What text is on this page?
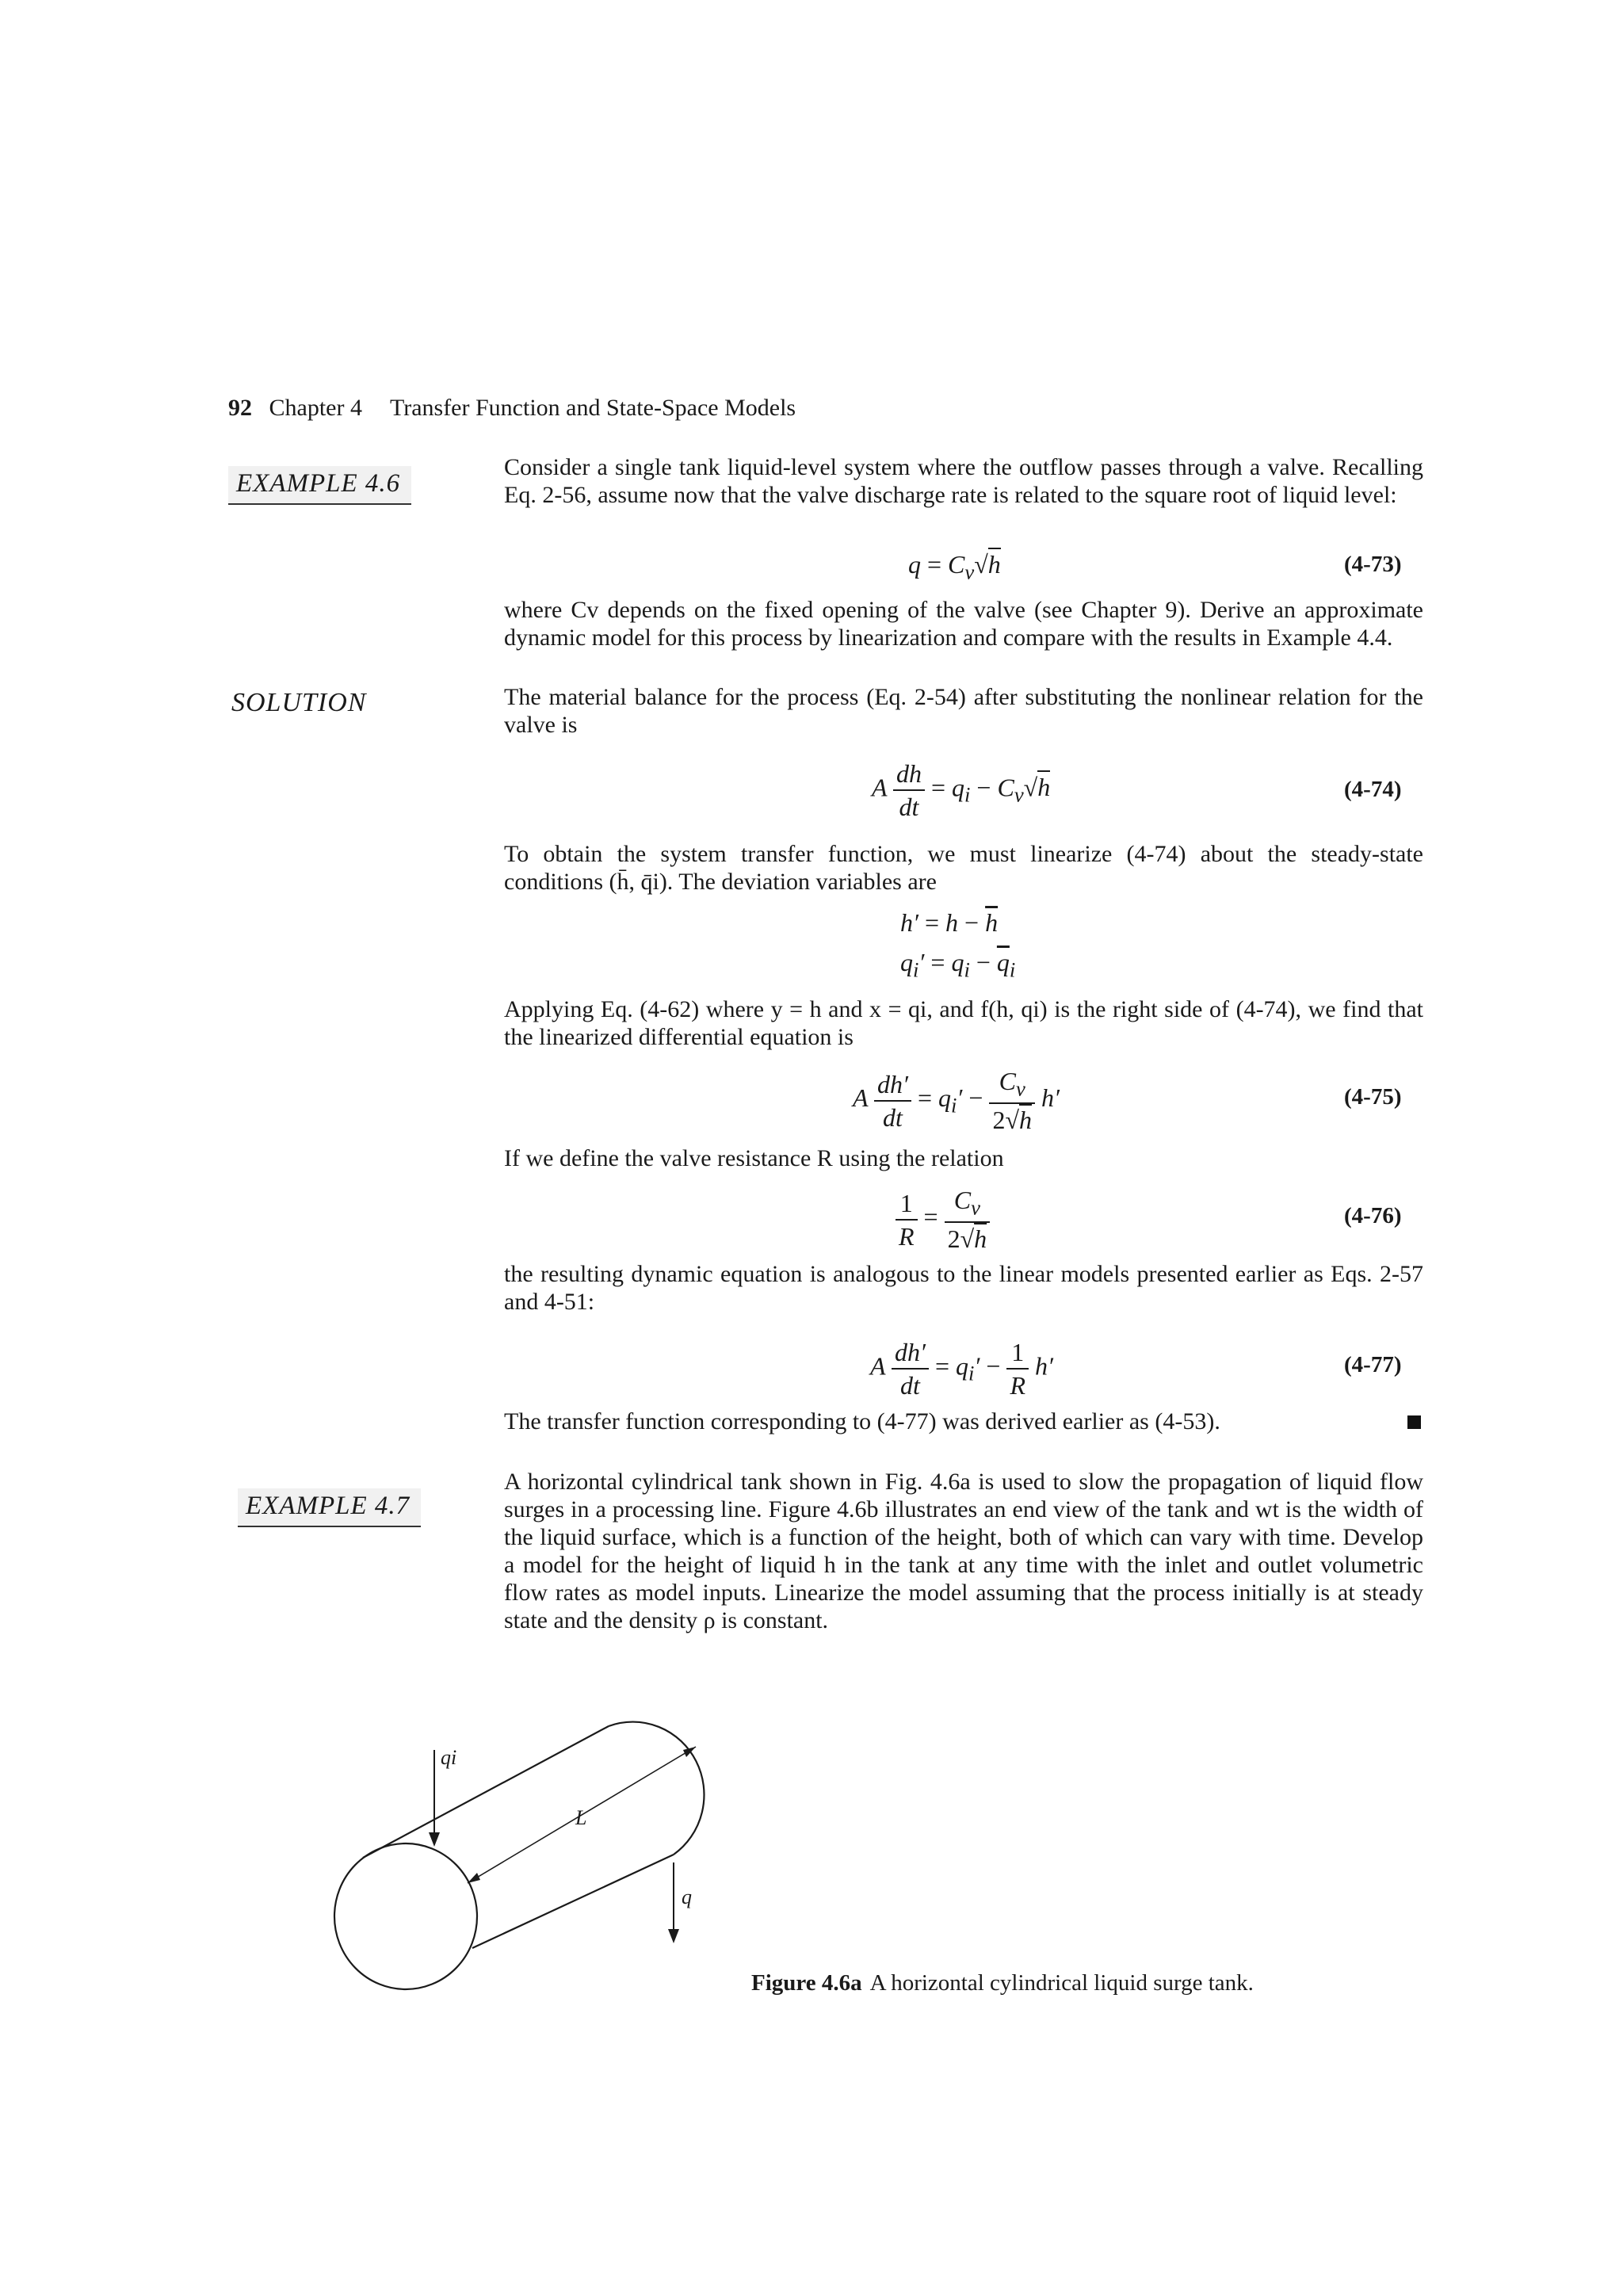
92 Chapter 4 Transfer Function and State-Space Models
EXAMPLE 4.6
Consider a single tank liquid-level system where the outflow passes through a valve. Recalling Eq. 2-56, assume now that the valve discharge rate is related to the square root of liquid level:
$q = C_v√h$	(4-73)
where Cv depends on the fixed opening of the valve (see Chapter 9). Derive an approximate dynamic model for this process by linearization and compare with the results in Example 4.4.
SOLUTION	The material balance for the process (Eq. 2-54) after substituting the nonlinear relation for the valve is
A $\frac{dh}{dt} = q_i - C_v√h$	(4-74)
To obtain the system transfer function, we must linearize (4-74) about the steady-state conditions (h̄, q̄i). The deviation variables are
$h' = h - \overline{h}$
$q_i' = q_i - \overline{q}_i$
Applying Eq. (4-62) where y = h and x = qi, and f(h, qi) is the right side of (4-74), we find that the linearized differential equation is
A $\frac{dh'}{dt} = q_i' - \frac{C_v}{2√h} h'$	(4-75)
If we define the valve resistance R using the relation
$\frac{1}{R} = \frac{C_v}{2√h}$	(4-76)
the resulting dynamic equation is analogous to the linear models presented earlier as Eqs. 2-57 and 4-51:
A $\frac{dh'}{dt} = q_i' - \frac{1}{R} h'$	(4-77)
The transfer function corresponding to (4-77) was derived earlier as (4-53).
EXAMPLE 4.7
A horizontal cylindrical tank shown in Fig. 4.6a is used to slow the propagation of liquid flow surges in a processing line. Figure 4.6b illustrates an end view of the tank and wt is the width of the liquid surface, which is a function of the height, both of which can vary with time. Develop a model for the height of liquid h in the tank at any time with the inlet and outlet volumetric flow rates as model inputs. Linearize the model assuming that the process initially is at steady state and the density ρ is constant.
qi
L
q
Figure 4.6a A horizontal cylindrical liquid surge tank.
